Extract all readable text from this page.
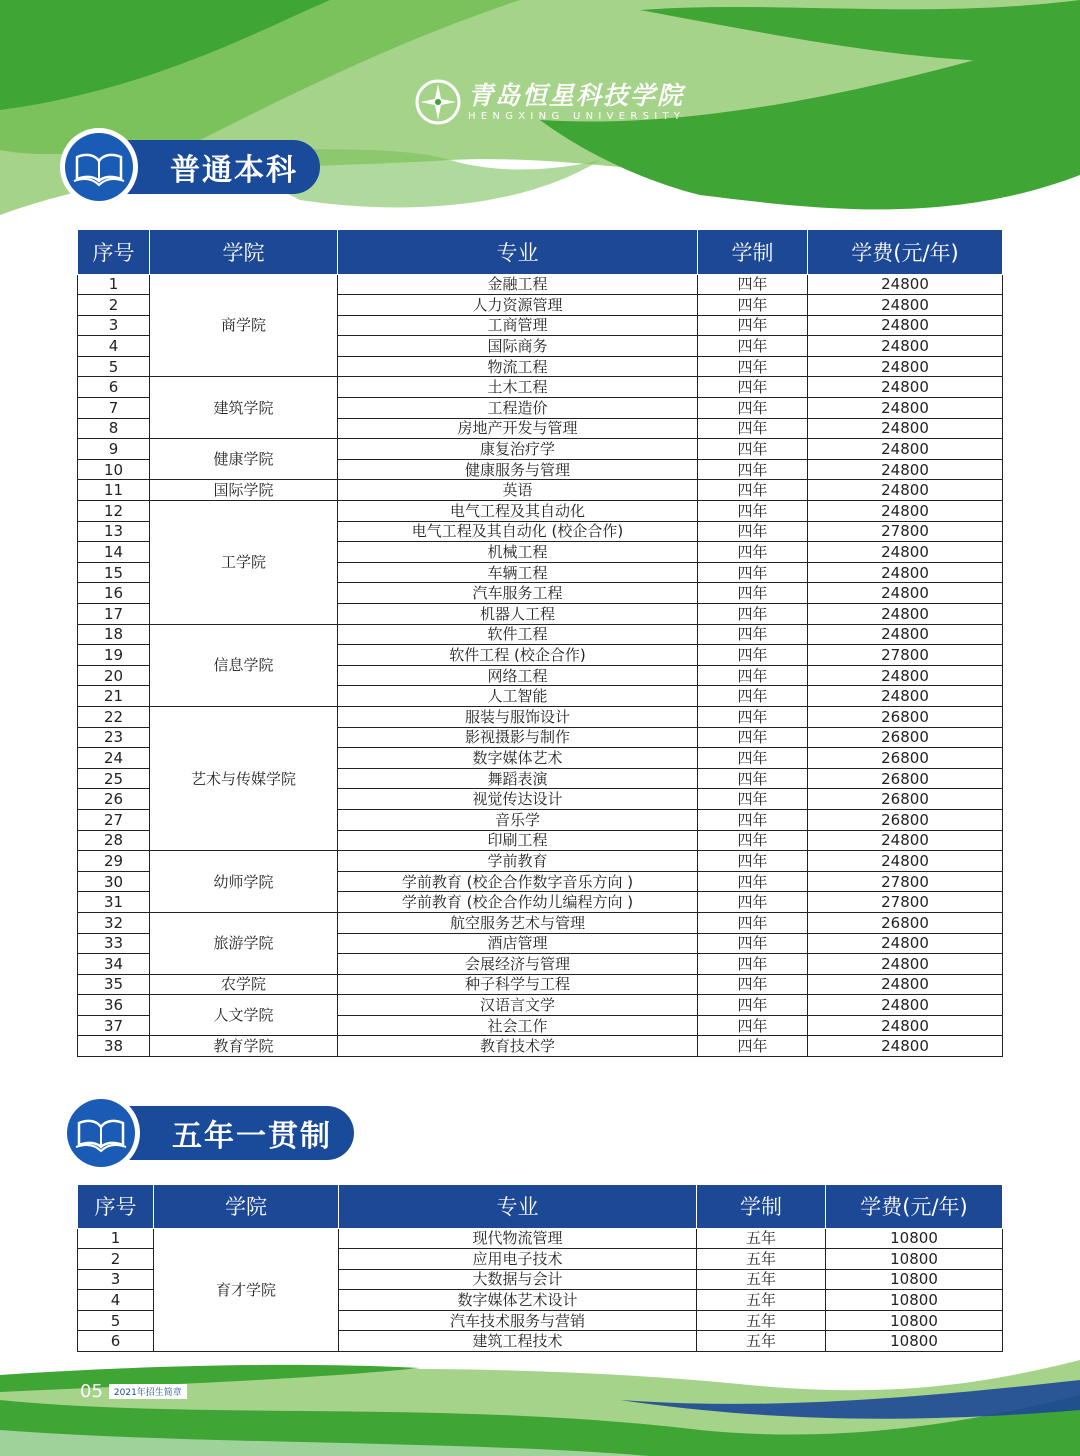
青岛恒星科技学院
HENGXING UNIVERSITY
普通本科
序号	学院	专业	学制	学费(元/年)
1	商学院	金融工程	四年	24800
2		人力资源管理	四年	24800
3		工商管理	四年	24800
4		国际商务	四年	24800
5		物流工程	四年	24800
6	建筑学院	土木工程	四年	24800
7		工程造价	四年	24800
8		房地产开发与管理	四年	24800
9	健康学院	康复治疗学	四年	24800
10		健康服务与管理	四年	24800
11	国际学院	英语	四年	24800
12	工学院	电气工程及其自动化	四年	24800
13		电气工程及其自动化 (校企合作)	四年	27800
14		机械工程	四年	24800
15		车辆工程	四年	24800
16		汽车服务工程	四年	24800
17		机器人工程	四年	24800
18	信息学院	软件工程	四年	24800
19		软件工程 (校企合作)	四年	27800
20		网络工程	四年	24800
21		人工智能	四年	24800
22	艺术与传媒学院	服装与服饰设计	四年	26800
23		影视摄影与制作	四年	26800
24		数字媒体艺术	四年	26800
25		舞蹈表演	四年	26800
26		视觉传达设计	四年	26800
27		音乐学	四年	26800
28		印刷工程	四年	24800
29	幼师学院	学前教育	四年	24800
30		学前教育 (校企合作数字音乐方向 )	四年	27800
31		学前教育 (校企合作幼儿编程方向 )	四年	27800
32	旅游学院	航空服务艺术与管理	四年	26800
33		酒店管理	四年	24800
34		会展经济与管理	四年	24800
35	农学院	种子科学与工程	四年	24800
36	人文学院	汉语言文学	四年	24800
37		社会工作	四年	24800
38	教育学院	教育技术学	四年	24800
五年一贯制
序号	学院	专业	学制	学费(元/年)
1	育才学院	现代物流管理	五年	10800
2		应用电子技术	五年	10800
3		大数据与会计	五年	10800
4		数字媒体艺术设计	五年	10800
5		汽车技术服务与营销	五年	10800
6		建筑工程技术	五年	10800
05	2021年招生简章
